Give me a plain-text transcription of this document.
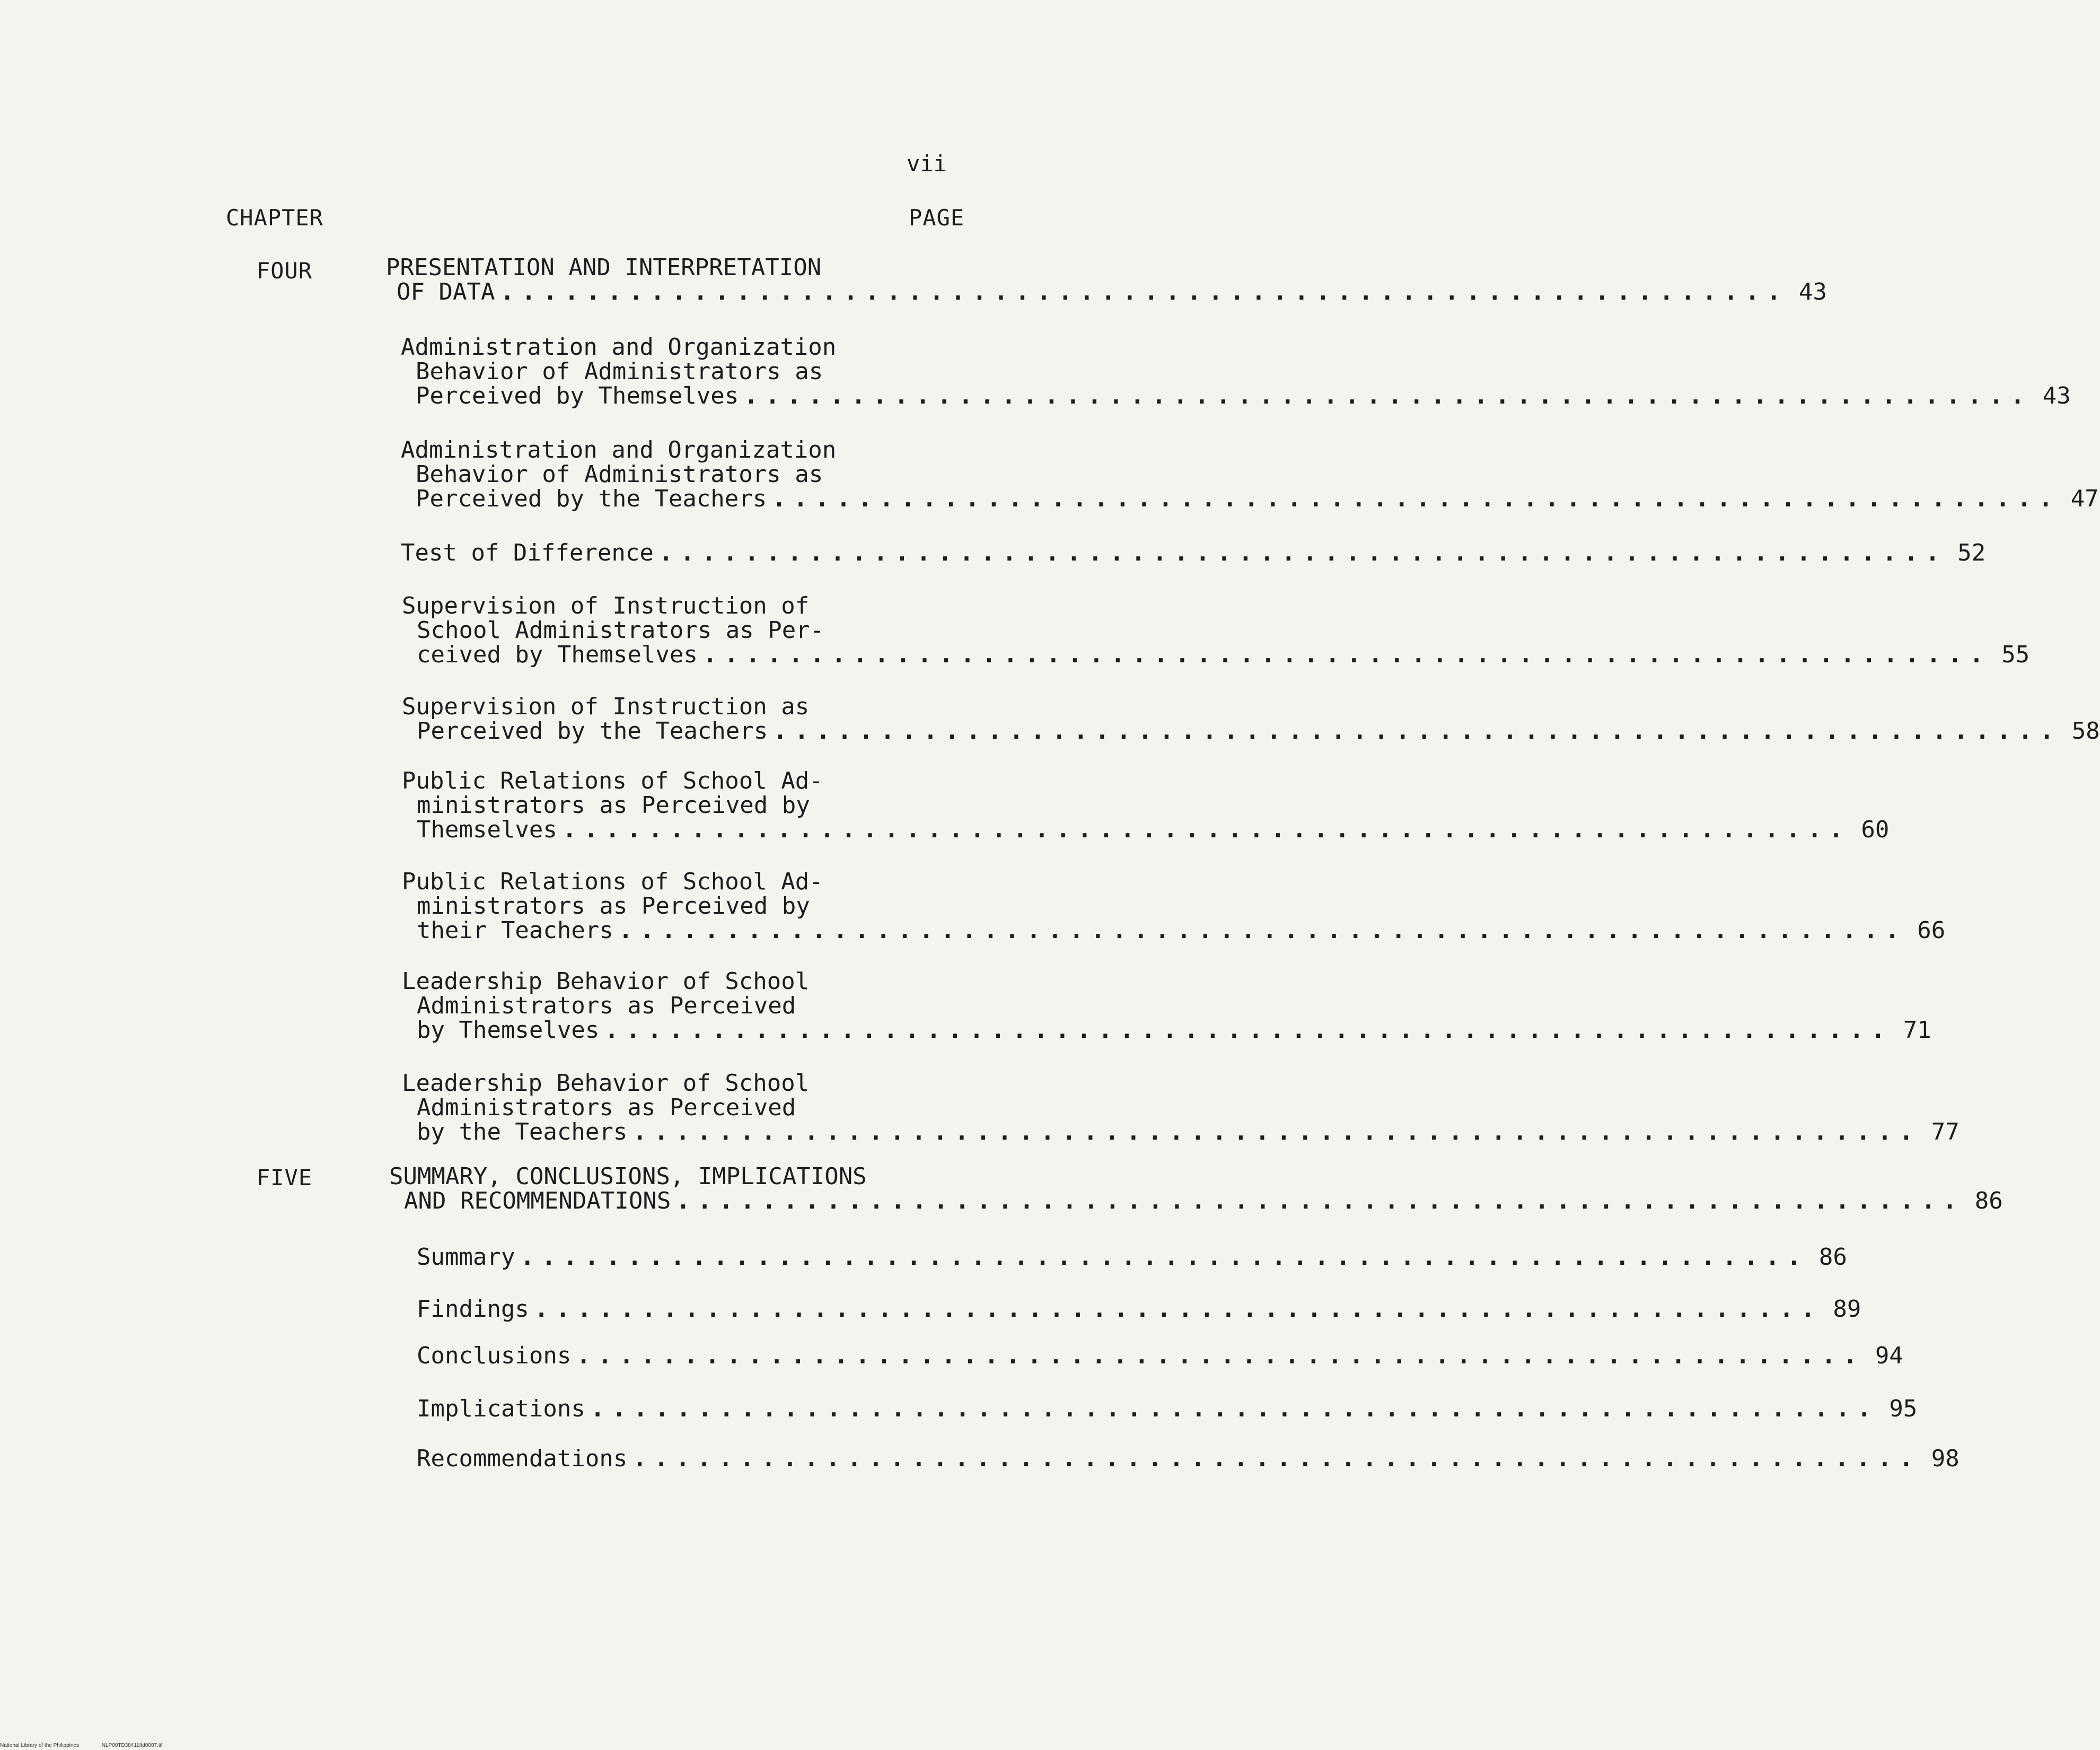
vii
CHAPTER	PAGE
FOUR
FIVE
PRESENTATION AND INTERPRETATION
OF DATA ............................................................ 43
Administration and Organization
Behavior of Administrators as
Perceived by Themselves ............................................................ 43
Administration and Organization
Behavior of Administrators as
Perceived by the Teachers ............................................................ 47
Test of Difference ............................................................ 52
Supervision of Instruction of
School Administrators as Per-
ceived by Themselves ............................................................ 55
Supervision of Instruction as
Perceived by the Teachers ............................................................ 58
Public Relations of School Ad-
ministrators as Perceived by
Themselves ............................................................ 60
Public Relations of School Ad-
ministrators as Perceived by
their Teachers ............................................................ 66
Leadership Behavior of School
Administrators as Perceived
by Themselves ............................................................ 71
Leadership Behavior of School
Administrators as Perceived
by the Teachers ............................................................ 77
SUMMARY, CONCLUSIONS, IMPLICATIONS
AND RECOMMENDATIONS ............................................................ 86
Summary ............................................................ 86
Findings ............................................................ 89
Conclusions ............................................................ 94
Implications ............................................................ 95
Recommendations ............................................................ 98
National Library of the Philippines	NLP00TD38411ftd0007.tif
